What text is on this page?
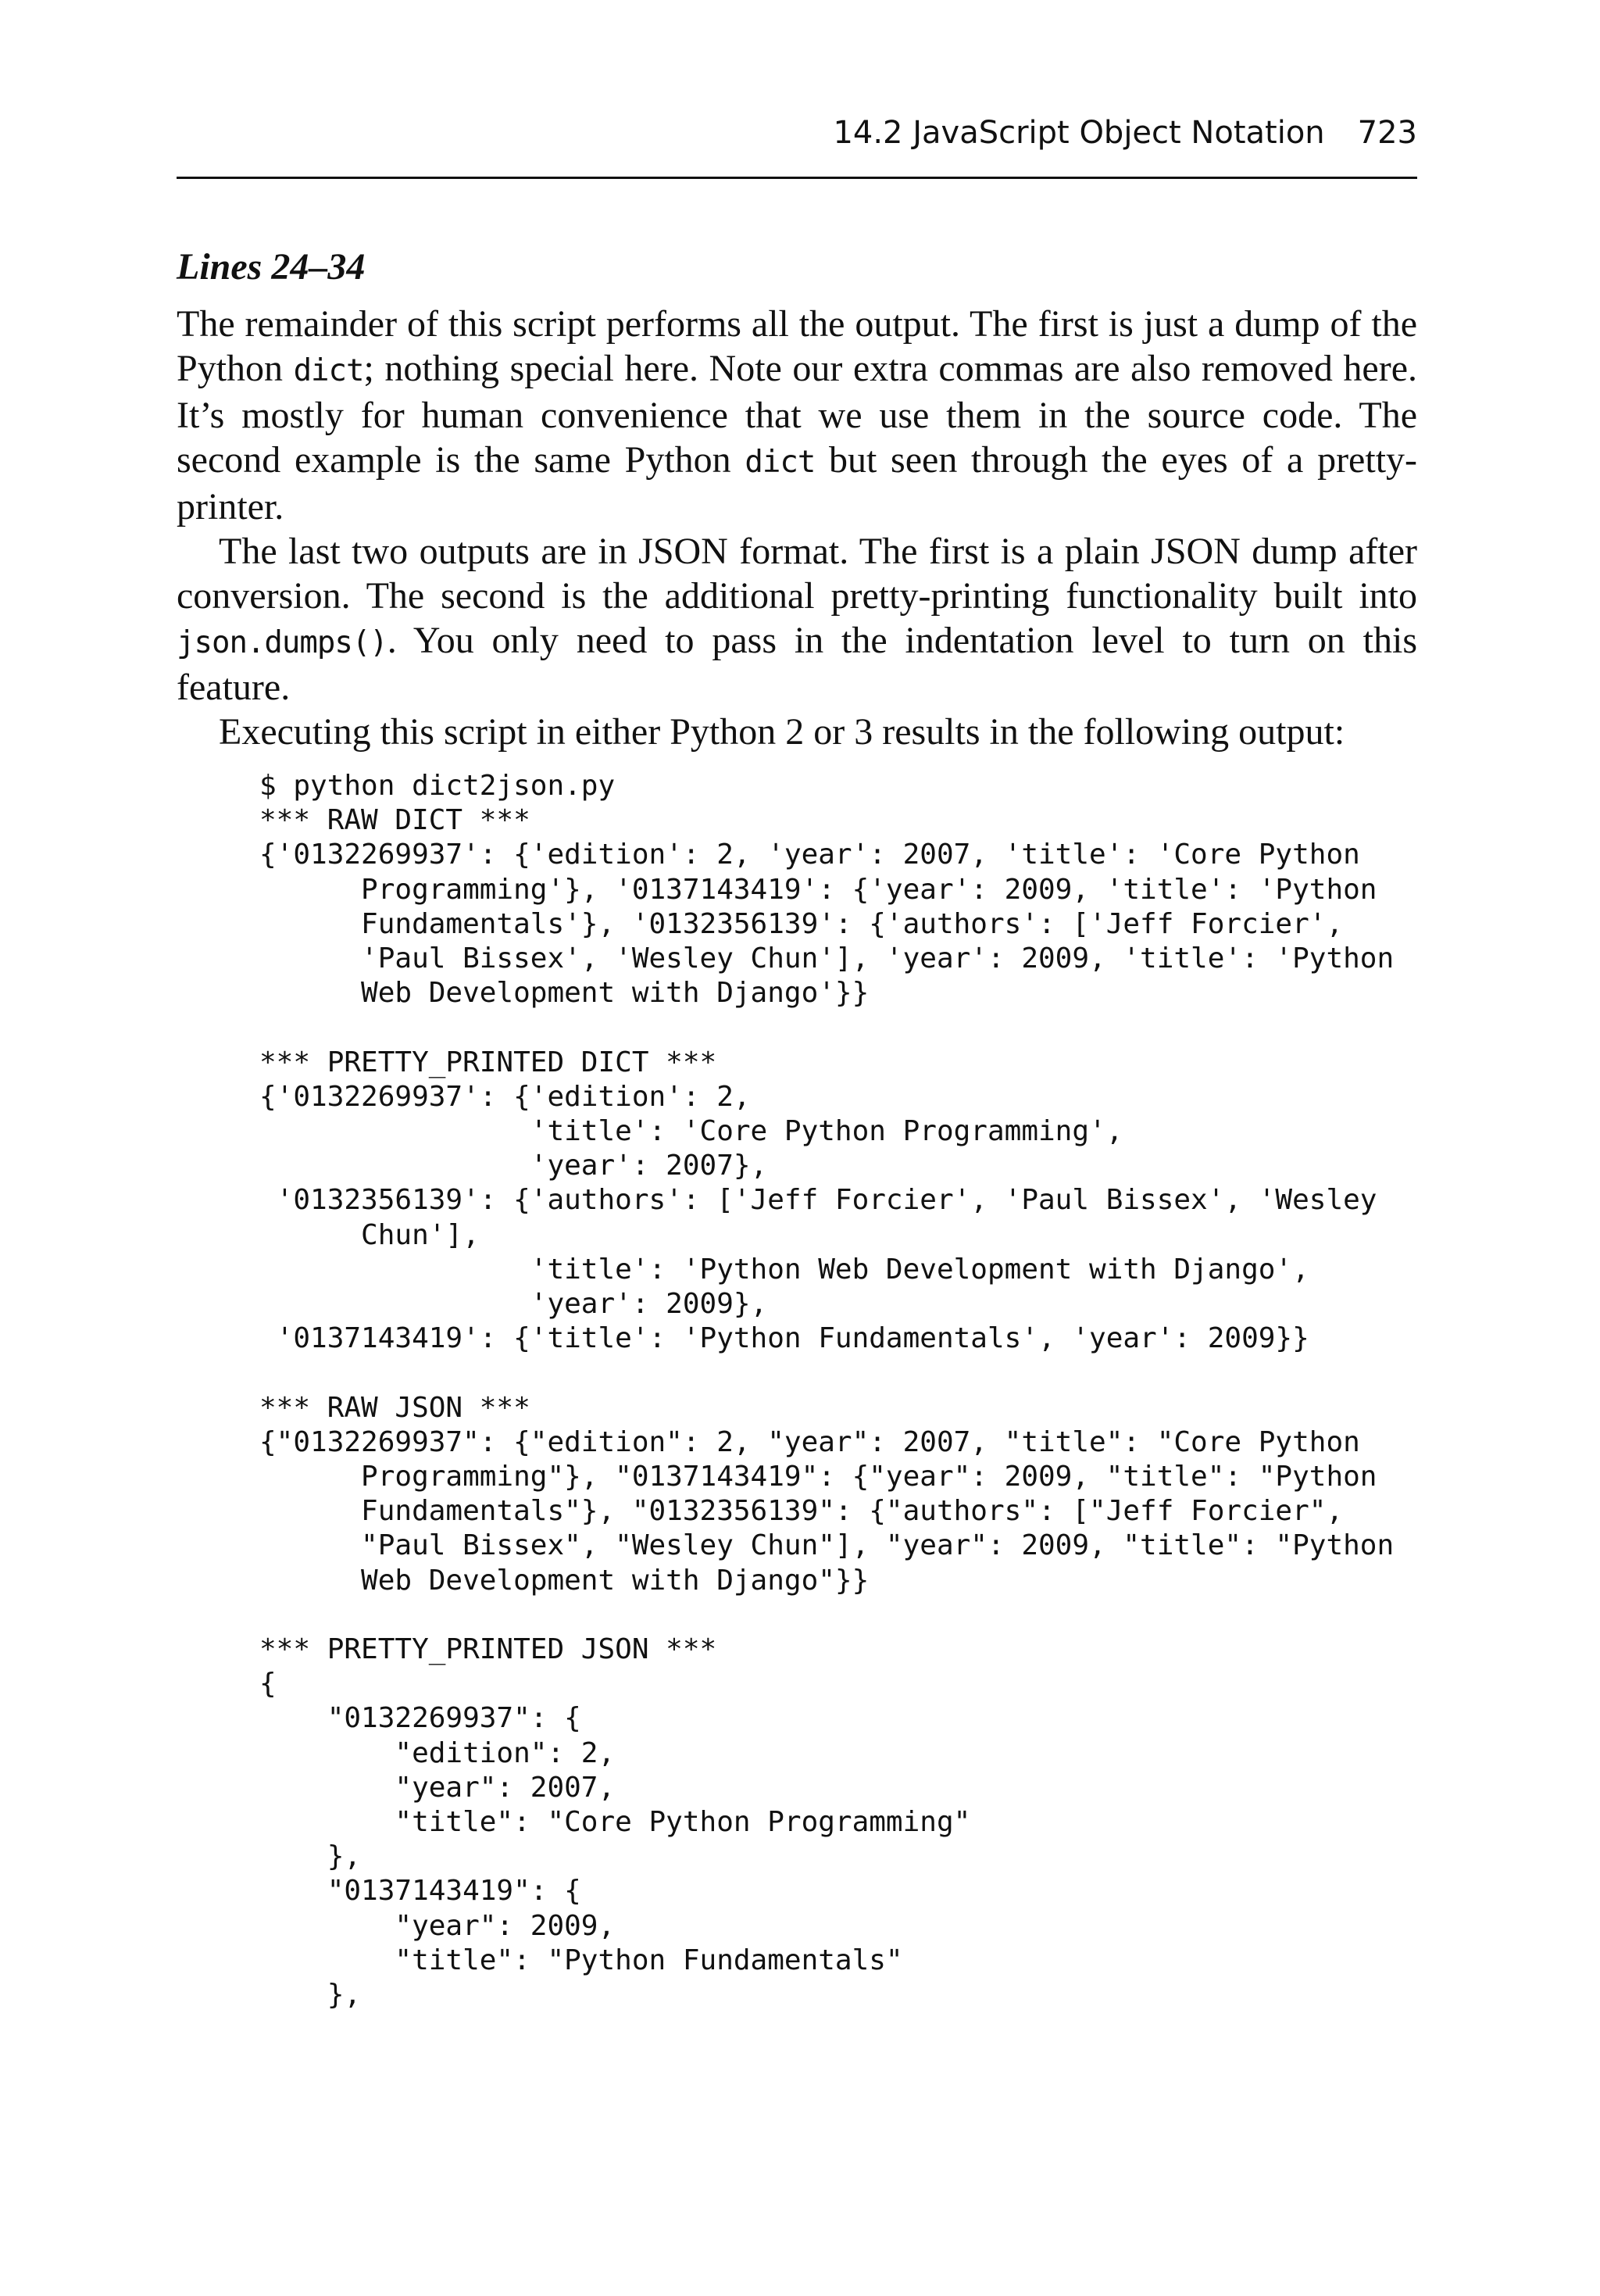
14.2 JavaScript Object Notation 723
Lines 24–34

The remainder of this script performs all the output. The first is just a dump of the Python dict; nothing special here. Note our extra commas are also removed here. It’s mostly for human convenience that we use them in the source code. The second example is the same Python dict but seen through the eyes of a pretty-printer.

The last two outputs are in JSON format. The first is a plain JSON dump after conversion. The second is the additional pretty-printing functionality built into json.dumps(). You only need to pass in the indentation level to turn on this feature.

Executing this script in either Python 2 or 3 results in the following output:

$ python dict2json.py
*** RAW DICT ***
{'0132269937': {'edition': 2, 'year': 2007, 'title': 'Core Python
Programming'}, '0137143419': {'year': 2009, 'title': 'Python
Fundamentals'}, '0132356139': {'authors': ['Jeff Forcier',
'Paul Bissex', 'Wesley Chun'], 'year': 2009, 'title': 'Python
Web Development with Django'}}
*** PRETTY_PRINTED DICT ***
{'0132269937': {'edition': 2,
'title': 'Core Python Programming',
'year': 2007},
'0132356139': {'authors': ['Jeff Forcier', 'Paul Bissex', 'Wesley
Chun'],
'title': 'Python Web Development with Django',
'year': 2009},
'0137143419': {'title': 'Python Fundamentals', 'year': 2009}}
*** RAW JSON ***
{"0132269937": {"edition": 2, "year": 2007, "title": "Core Python
Programming"}, "0137143419": {"year": 2009, "title": "Python
Fundamentals"}, "0132356139": {"authors": ["Jeff Forcier",
"Paul Bissex", "Wesley Chun"], "year": 2009, "title": "Python
Web Development with Django"}}
*** PRETTY_PRINTED JSON ***
{
"0132269937": {
"edition": 2,
"year": 2007,
"title": "Core Python Programming"
},
"0137143419": {
"year": 2009,
"title": "Python Fundamentals"
},
